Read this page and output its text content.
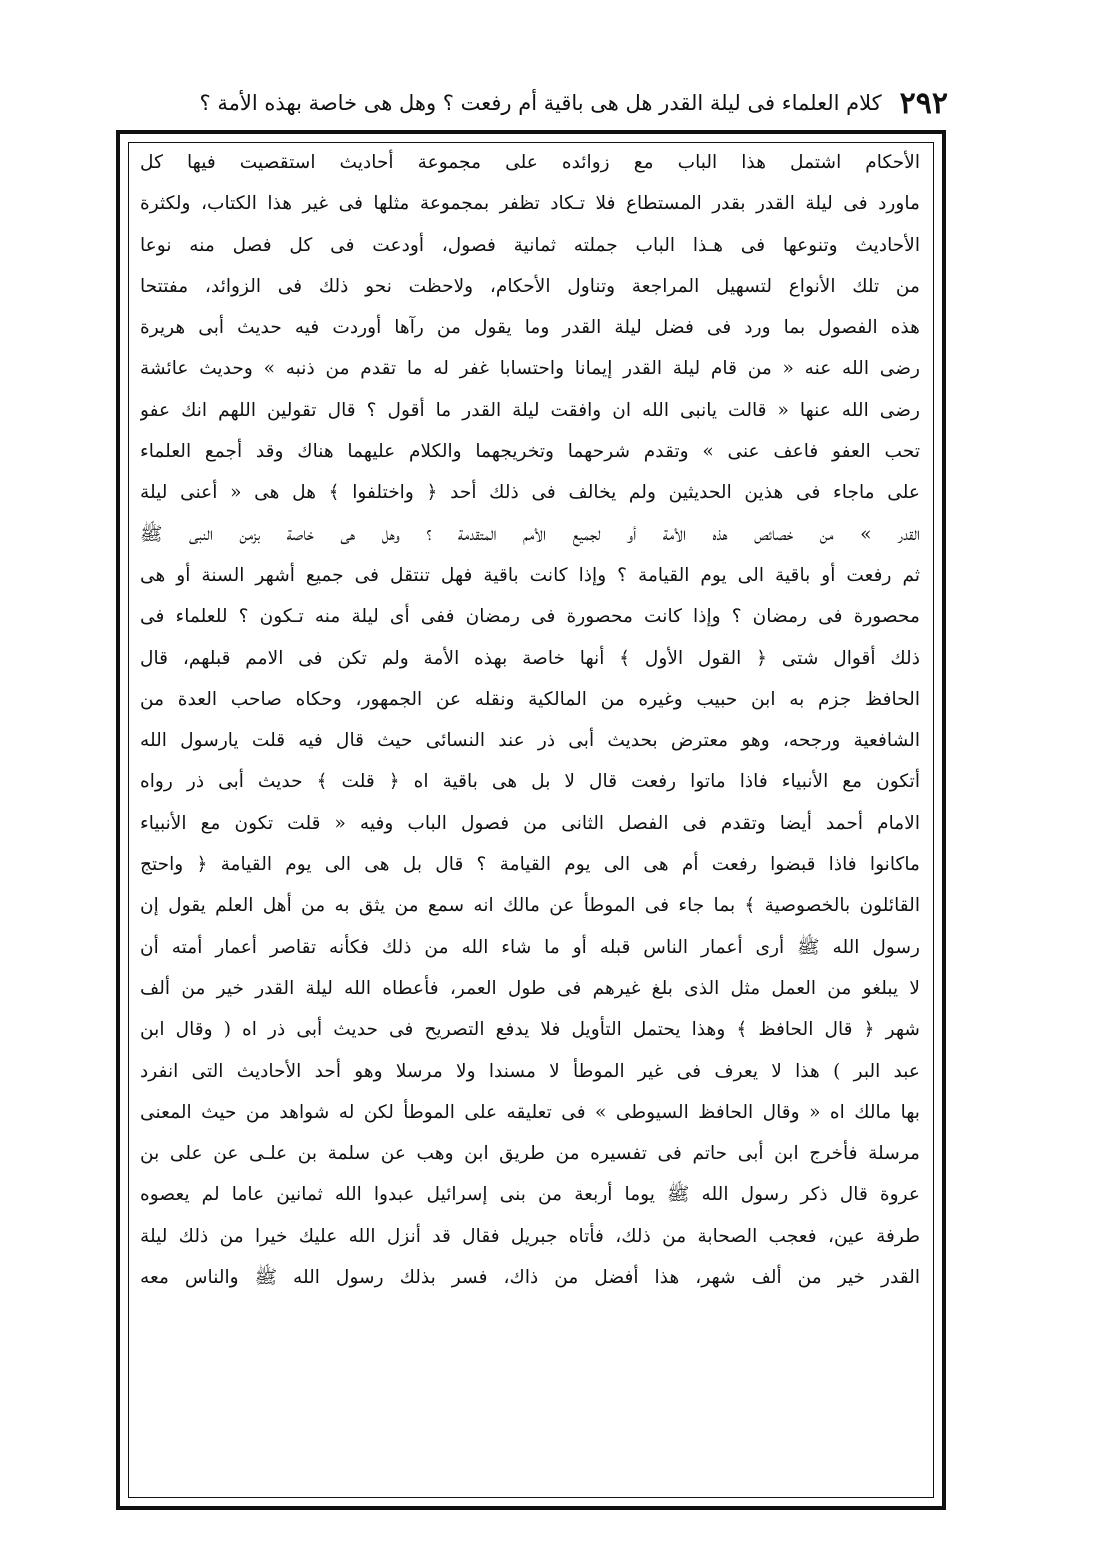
٢٩٢
كلام العلماء فى ليلة القدر هل هى باقية أم رفعت ؟ وهل هى خاصة بهذه الأمة ؟
الأحكام اشتمل هذا الباب مع زوائده على مجموعة أحاديث استقصيت فيها كل
ماورد فى ليلة القدر بقدر المستطاع فلا تـكاد تظفر بمجموعة مثلها فى غير هذا الكتاب، ولكثرة
الأحاديث وتنوعها فى هـذا الباب جملته ثمانية فصول، أودعت فى كل فصل منه نوعا
من تلك الأنواع لتسهيل المراجعة وتناول الأحكام، ولاحظت نحو ذلك فى الزوائد، مفتتحا
هذه الفصول بما ورد فى فضل ليلة القدر وما يقول من رآها أوردت فيه حديث أبى هريرة
رضى الله عنه « من قام ليلة القدر إيمانا واحتسابا غفر له ما تقدم من ذنبه » وحديث عائشة
رضى الله عنها « قالت يانبى الله ان وافقت ليلة القدر ما أقول ؟ قال تقولين اللهم انك عفو
تحب العفو فاعف عنى » وتقدم شرحهما وتخريجهما والكلام عليهما هناك وقد أجمع العلماء
على ماجاء فى هذين الحديثين ولم يخالف فى ذلك أحد ﴿ واختلفوا ﴾ هل هى « أعنى ليلة
القدر » من خصائص هذه الأمة أو لجميع الأمم المتقدمة ؟ وهل هى خاصة بزمن النبى ﷺ
ثم رفعت أو باقية الى يوم القيامة ؟ وإذا كانت باقية فهل تنتقل فى جميع أشهر السنة أو هى
محصورة فى رمضان ؟ وإذا كانت محصورة فى رمضان ففى أى ليلة منه تـكون ؟ للعلماء فى
ذلك أقوال شتى ﴿ القول الأول ﴾ أنها خاصة بهذه الأمة ولم تكن فى الامم قبلهم، قال
الحافظ جزم به ابن حبيب وغيره من المالكية ونقله عن الجمهور، وحكاه صاحب العدة من
الشافعية ورجحه، وهو معترض بحديث أبى ذر عند النسائى حيث قال فيه قلت يارسول الله
أتكون مع الأنبياء فاذا ماتوا رفعت قال لا بل هى باقية اه ﴿ قلت ﴾ حديث أبى ذر رواه
الامام أحمد أيضا وتقدم فى الفصل الثانى من فصول الباب وفيه « قلت تكون مع الأنبياء
ماكانوا فاذا قبضوا رفعت أم هى الى يوم القيامة ؟ قال بل هى الى يوم القيامة ﴿ واحتج
القائلون بالخصوصية ﴾ بما جاء فى الموطأ عن مالك انه سمع من يثق به من أهل العلم يقول إن
رسول الله ﷺ أرى أعمار الناس قبله أو ما شاء الله من ذلك فكأنه تقاصر أعمار أمته أن
لا يبلغو من العمل مثل الذى بلغ غيرهم فى طول العمر، فأعطاه الله ليلة القدر خير من ألف
شهر ﴿ قال الحافظ ﴾ وهذا يحتمل التأويل فلا يدفع التصريح فى حديث أبى ذر اه ( وقال ابن
عبد البر ) هذا لا يعرف فى غير الموطأ لا مسندا ولا مرسلا وهو أحد الأحاديث التى انفرد
بها مالك اه « وقال الحافظ السيوطى » فى تعليقه على الموطأ لكن له شواهد من حيث المعنى
مرسلة فأخرج ابن أبى حاتم فى تفسيره من طريق ابن وهب عن سلمة بن علـى عن على بن
عروة قال ذكر رسول الله ﷺ يوما أربعة من بنى إسرائيل عبدوا الله ثمانين عاما لم يعصوه
طرفة عين، فعجب الصحابة من ذلك، فأتاه جبريل فقال قد أنزل الله عليك خيرا من ذلك ليلة
القدر خير من ألف شهر، هذا أفضل من ذاك، فسر بذلك رسول الله ﷺ والناس معه
